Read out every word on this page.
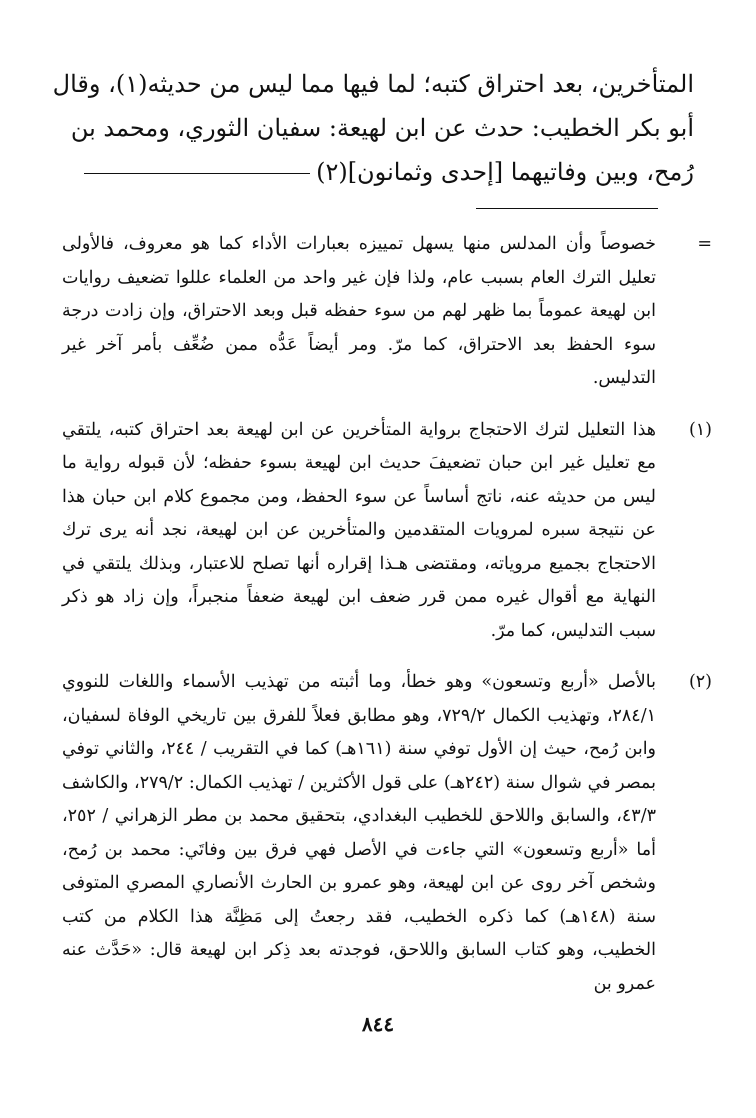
المتأخرين، بعد احتراق كتبه؛ لما فيها مما ليس من حديثه(١)، وقال
أبو بكر الخطيب: حدث عن ابن لهيعة: سفيان الثوري، ومحمد بن
رُمح، وبين وفاتيهما [إحدى وثمانون](٢)
=
خصوصاً وأن المدلس منها يسهل تمييزه بعبارات الأداء كما هو معروف، فالأولى تعليل الترك العام بسبب عام، ولذا فإن غير واحد من العلماء عللوا تضعيف روايات ابن لهيعة عموماً بما ظهر لهم من سوء حفظه قبل وبعد الاحتراق، وإن زادت درجة سوء الحفظ بعد الاحتراق، كما مرّ. ومر أيضاً عَدُّه ممن ضُعِّف بأمر آخر غير التدليس.
(١)
هذا التعليل لترك الاحتجاج برواية المتأخرين عن ابن لهيعة بعد احتراق كتبه، يلتقي مع تعليل غير ابن حبان تضعيفَ حديث ابن لهيعة بسوء حفظه؛ لأن قبوله رواية ما ليس من حديثه عنه، ناتج أساساً عن سوء الحفظ، ومن مجموع كلام ابن حبان هذا عن نتيجة سبره لمرويات المتقدمين والمتأخرين عن ابن لهيعة، نجد أنه يرى ترك الاحتجاج بجميع مروياته، ومقتضى هـذا إقراره أنها تصلح للاعتبار، وبذلك يلتقي في النهاية مع أقوال غيره ممن قرر ضعف ابن لهيعة ضعفاً منجبراً، وإن زاد هو ذكر سبب التدليس، كما مرّ.
(٢)
بالأصل «أربع وتسعون» وهو خطأ، وما أثبته من تهذيب الأسماء واللغات للنووي ٢٨٤/١، وتهذيب الكمال ٧٢٩/٢، وهو مطابق فعلاً للفرق بين تاريخي الوفاة لسفيان، وابن رُمح، حيث إن الأول توفي سنة (١٦١هـ) كما في التقريب / ٢٤٤، والثاني توفي بمصر في شوال سنة (٢٤٢هـ) على قول الأكثرين / تهذيب الكمال: ٢٧٩/٢، والكاشف ٤٣/٣، والسابق واللاحق للخطيب البغدادي، بتحقيق محمد بن مطر الزهراني / ٢٥٢، أما «أربع وتسعون» التي جاءت في الأصل فهي فرق بين وفاتَي: محمد بن رُمح، وشخص آخر روى عن ابن لهيعة، وهو عمرو بن الحارث الأنصاري المصري المتوفى سنة (١٤٨هـ) كما ذكره الخطيب، فقد رجعتُ إلى مَظِنَّة هذا الكلام من كتب الخطيب، وهو كتاب السابق واللاحق، فوجدته بعد ذِكر ابن لهيعة قال: «حَدَّث عنه عمرو بن
٨٤٤
